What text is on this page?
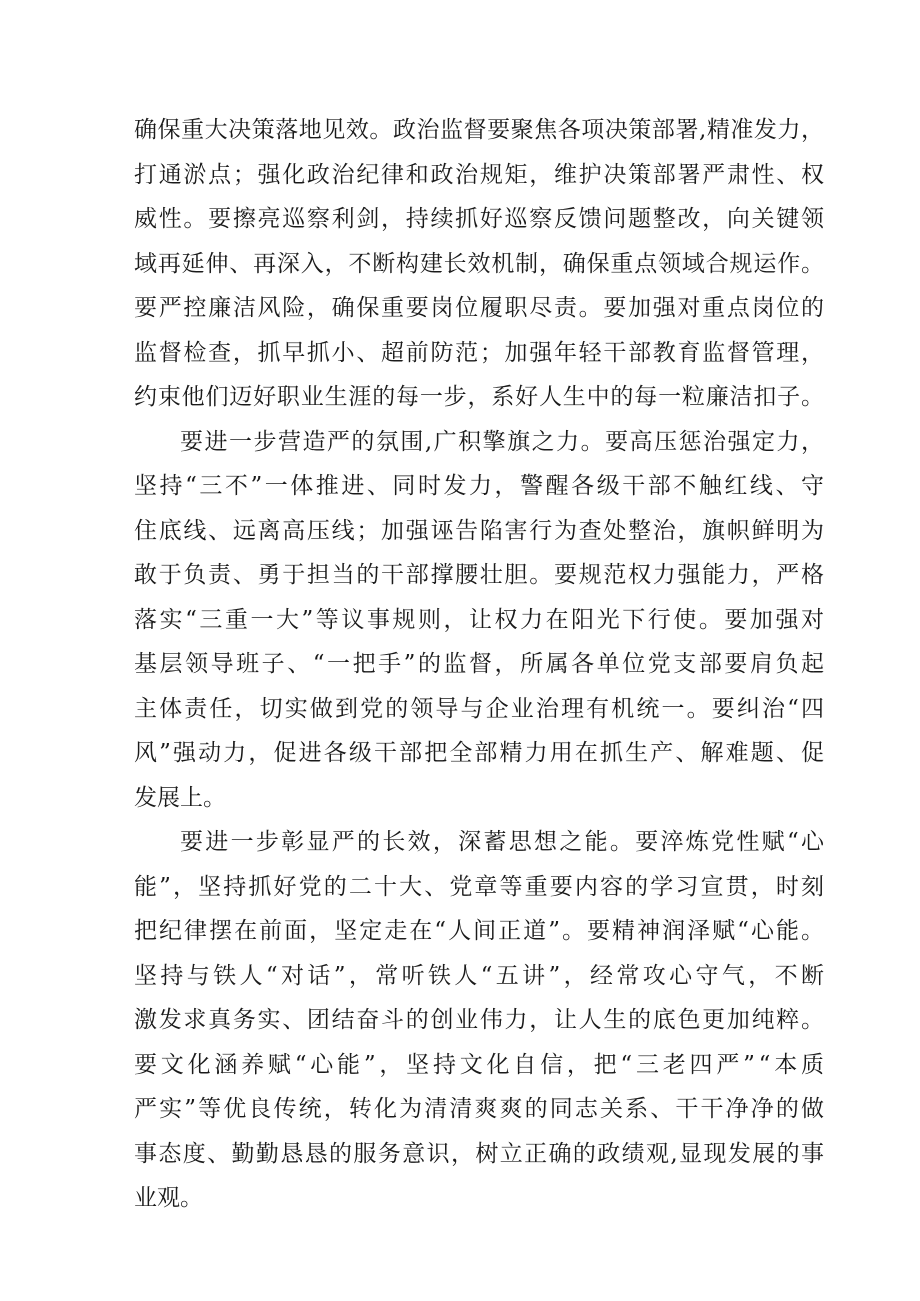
确保重大决策落地见效。政治监督要聚焦各项决策部署,精准发力，
打通淤点；强化政治纪律和政治规矩，维护决策部署严肃性、权
威性。要擦亮巡察利剑，持续抓好巡察反馈问题整改，向关键领
域再延伸、再深入，不断构建长效机制，确保重点领域合规运作。
要严控廉洁风险，确保重要岗位履职尽责。要加强对重点岗位的
监督检查，抓早抓小、超前防范；加强年轻干部教育监督管理，
约束他们迈好职业生涯的每一步，系好人生中的每一粒廉洁扣子。
要进一步营造严的氛围,广积擎旗之力。要高压惩治强定力，
坚持“三不”一体推进、同时发力，警醒各级干部不触红线、守
住底线、远离高压线；加强诬告陷害行为查处整治，旗帜鲜明为
敢于负责、勇于担当的干部撑腰壮胆。要规范权力强能力，严格
落实“三重一大”等议事规则，让权力在阳光下行使。要加强对
基层领导班子、“一把手”的监督，所属各单位党支部要肩负起
主体责任，切实做到党的领导与企业治理有机统一。要纠治“四
风”强动力，促进各级干部把全部精力用在抓生产、解难题、促
发展上。
要进一步彰显严的长效，深蓄思想之能。要淬炼党性赋“心
能”，坚持抓好党的二十大、党章等重要内容的学习宣贯，时刻
把纪律摆在前面，坚定走在“人间正道”。要精神润泽赋“心能。
坚持与铁人“对话”，常听铁人“五讲”，经常攻心守气，不断
激发求真务实、团结奋斗的创业伟力，让人生的底色更加纯粹。
要文化涵养赋“心能”，坚持文化自信，把“三老四严”“本质
严实”等优良传统，转化为清清爽爽的同志关系、干干净净的做
事态度、勤勤恳恳的服务意识，树立正确的政绩观,显现发展的事
业观。
